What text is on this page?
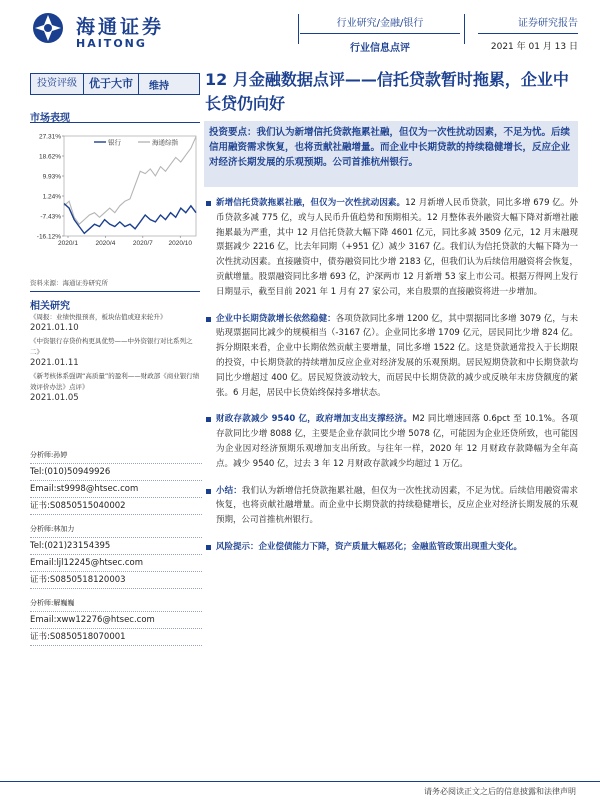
海通证券
HAITONG
行业研究/金融/银行
行业信息点评
证券研究报告
2021 年 01 月 13 日
投资评级	优于大市	维持
市场表现
27.31%
18.62%
9.93%
1.24%
-7.43%
-16.12%
2020/1	2020/4	2020/7 2020/10
银行	海通综指
资料来源：海通证券研究所
相关研究
《周报：业绩快报预喜，板块估值或迎来轮升》
2021.01.10
《中资银行存贷价构更具优势——中外资银行对比系列之二》
2021.01.11
《新考核体系强调“高质量”的盈利——财政部《商业银行绩效评价办法》点评》
2021.01.05
分析师:孙婷
Tel:(010)50949926
Email:st9998@htsec.com
证书:S0850515040002
分析师:林加力
Tel:(021)23154395
Email:ljl12245@htsec.com
证书:S0850518120003
分析师:解巍巍
Email:xww12276@htsec.com
证书:S0850518070001
12 月金融数据点评——信托贷款暂时拖累，企业中长贷仍向好
投资要点：我们认为新增信托贷款拖累社融，但仅为一次性扰动因素，不足为忧。后续信用融资需求恢复，也将贡献社融增量。而企业中长期贷款的持续稳健增长，反应企业对经济长期发展的乐观预期。公司首推杭州银行。
新增信托贷款拖累社融，但仅为一次性扰动因素。12 月新增人民币贷款，同比多增 679 亿。外币贷款多减 775 亿，或与人民币升值趋势和预期相关。12 月整体表外融资大幅下降对新增社融拖累最为严重，其中 12 月信托贷款大幅下降 4601 亿元，同比多减 3509 亿元，12 月末融现票据减少 2216 亿，比去年同期（+951 亿）减少 3167 亿。我们认为信托贷款的大幅下降为一次性扰动因素。直接融资中，债券融资同比少增 2183 亿，但我们认为后续信用融资将会恢复，贡献增量。股票融资同比多增 693 亿，沪深两市 12 月新增 53 家上市公司。根据万得网上发行日期显示，截至目前 2021 年 1 月有 27 家公司，来自股票的直接融资将进一步增加。
企业中长期贷款增长依然稳健：各项贷款同比多增 1200 亿，其中票据同比多增 3079 亿，与未贴现票据同比减少的规模相当（-3167 亿）。企业同比多增 1709 亿元，居民同比少增 824 亿。拆分期限来看，企业中长期依然贡献主要增量，同比多增 1522 亿。这是贷款通常投入于长期限的投资，中长期贷款的持续增加反应企业对经济发展的乐观预期。居民短期贷款和中长期贷款均同比少增超过 400 亿。居民短贷波动较大，而居民中长期贷款的减少或反映年末房贷额度的紧张。6 月起，居民中长贷始终保持多增状态。
财政存款减少 9540 亿，政府增加支出支撑经济。M2 同比增速回落 0.6pct 至 10.1%。各项存款同比少增 8088 亿，主要是企业存款同比少增 5078 亿，可能因为企业还贷所致，也可能因为企业因对经济预期乐观增加支出所致。与往年一样，2020 年 12 月财政存款降幅为全年高点。减少 9540 亿，过去 3 年 12 月财政存款减少均超过 1 万亿。
小结：我们认为新增信托贷款拖累社融，但仅为一次性扰动因素，不足为忧。后续信用融资需求恢复，也将贡献社融增量。而企业中长期贷款的持续稳健增长，反应企业对经济长期发展的乐观预期，公司首推杭州银行。
风险提示：企业偿债能力下降，资产质量大幅恶化；金融监管政策出现重大变化。
请务必阅读正文之后的信息披露和法律声明
